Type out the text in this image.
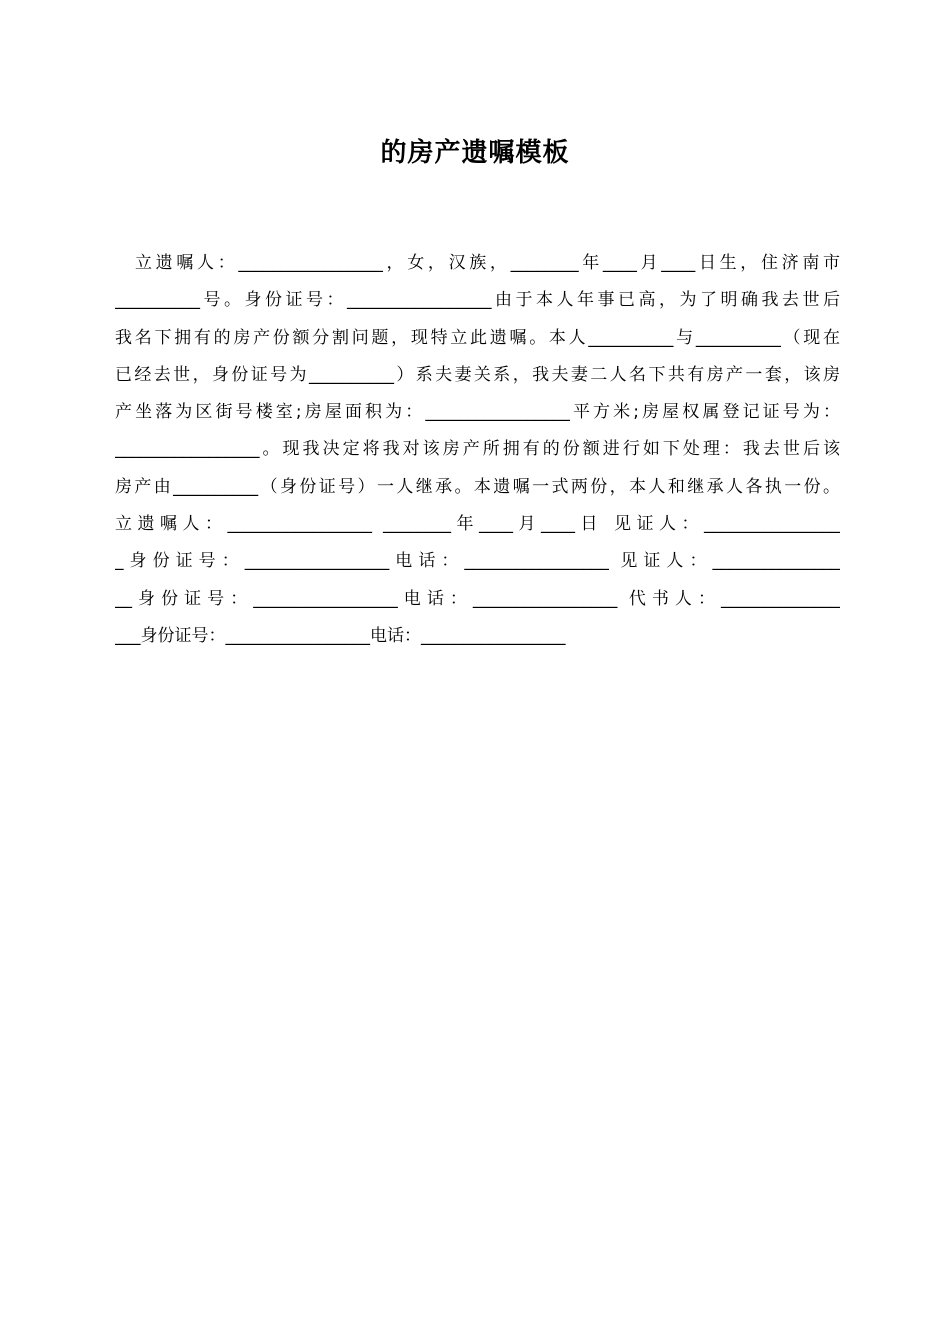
的房产遗嘱模板
立遗嘱人：_________________，女，汉族，________年____月____日生，住济南市
__________号。身份证号：_________________由于本人年事已高，为了明确我去世后
我名下拥有的房产份额分割问题，现特立此遗嘱。本人__________与__________（现在
已经去世，身份证号为__________）系夫妻关系，我夫妻二人名下共有房产一套，该房
产坐落为区街号楼室;房屋面积为：_________________平方米;房屋权属登记证号为：
_________________。现我决定将我对该房产所拥有的份额进行如下处理：我去世后该
房产由__________（身份证号）一人继承。本遗嘱一式两份，本人和继承人各执一份。
立遗嘱人：_________________ ________年____月____日 见证人：________________
_身份证号：_________________电话：_________________ 见证人：_______________
__身份证号：_________________电话：_________________ 代书人：______________
___身份证号：_________________电话：_________________
